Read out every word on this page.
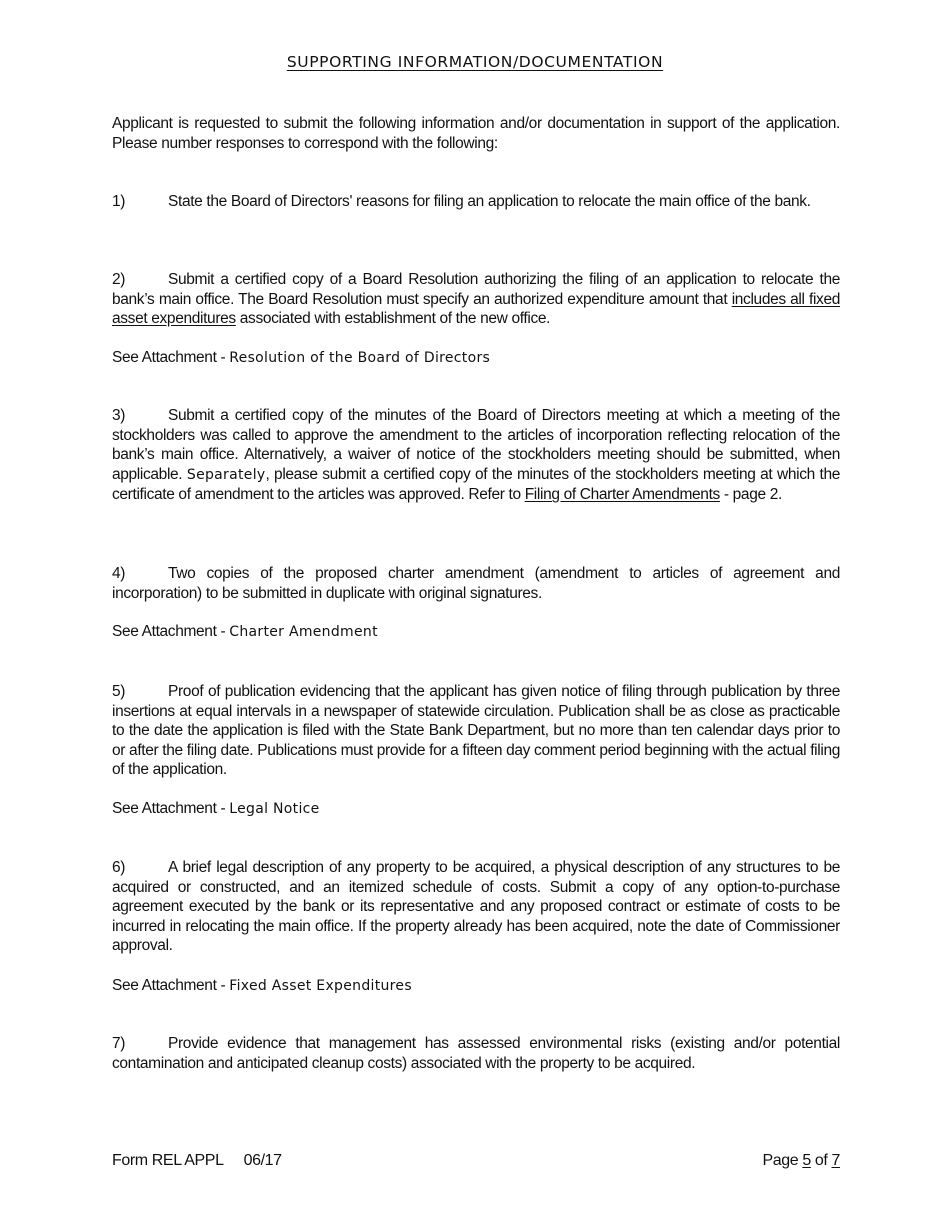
SUPPORTING INFORMATION/DOCUMENTATION

Applicant is requested to submit the following information and/or documentation in support of the application. Please number responses to correspond with the following:

1)	State the Board of Directors' reasons for filing an application to relocate the main office of the bank.

2)	Submit a certified copy of a Board Resolution authorizing the filing of an application to relocate the bank’s main office. The Board Resolution must specify an authorized expenditure amount that includes all fixed asset expenditures associated with establishment of the new office.

See Attachment - Resolution of the Board of Directors

3)	Submit a certified copy of the minutes of the Board of Directors meeting at which a meeting of the stockholders was called to approve the amendment to the articles of incorporation reflecting relocation of the bank’s main office. Alternatively, a waiver of notice of the stockholders meeting should be submitted, when applicable. Separately, please submit a certified copy of the minutes of the stockholders meeting at which the certificate of amendment to the articles was approved. Refer to Filing of Charter Amendments - page 2.

4)	Two copies of the proposed charter amendment (amendment to articles of agreement and incorporation) to be submitted in duplicate with original signatures.

See Attachment - Charter Amendment

5)	Proof of publication evidencing that the applicant has given notice of filing through publication by three insertions at equal intervals in a newspaper of statewide circulation. Publication shall be as close as practicable to the date the application is filed with the State Bank Department, but no more than ten calendar days prior to or after the filing date. Publications must provide for a fifteen day comment period beginning with the actual filing of the application.

See Attachment - Legal Notice

6)	A brief legal description of any property to be acquired, a physical description of any structures to be acquired or constructed, and an itemized schedule of costs. Submit a copy of any option-to-purchase agreement executed by the bank or its representative and any proposed contract or estimate of costs to be incurred in relocating the main office. If the property already has been acquired, note the date of Commissioner approval.

See Attachment - Fixed Asset Expenditures

7)	Provide evidence that management has assessed environmental risks (existing and/or potential contamination and anticipated cleanup costs) associated with the property to be acquired.

Form REL APPL 06/17	Page 5 of 7
